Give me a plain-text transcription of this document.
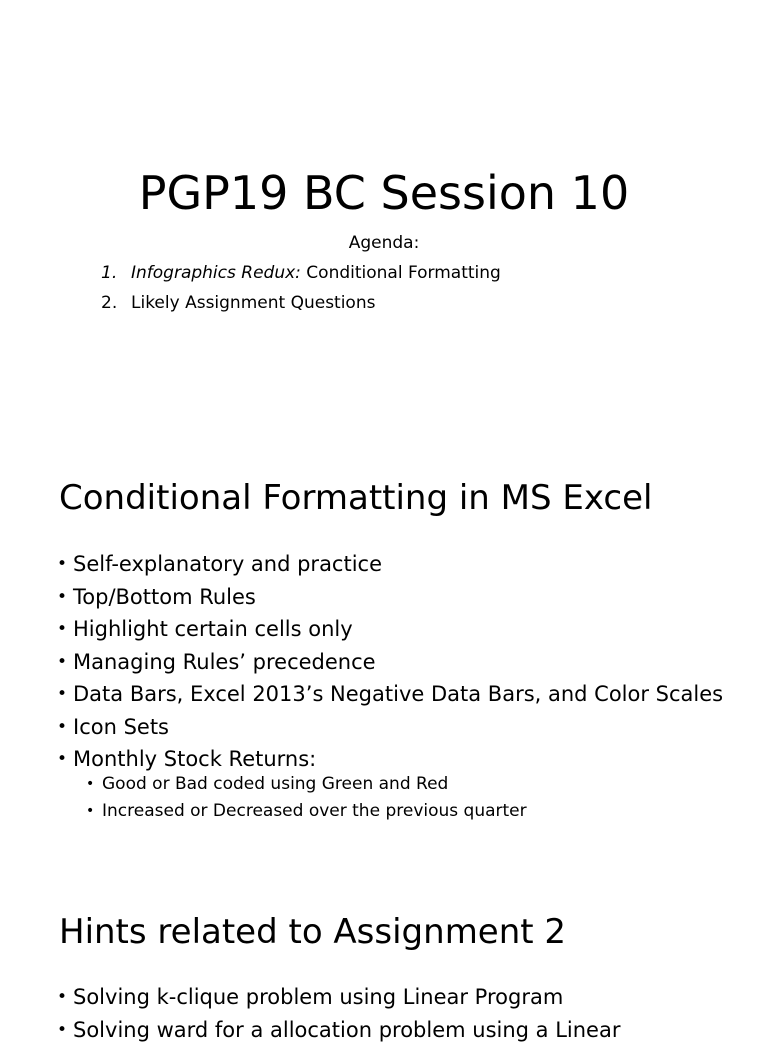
PGP19 BC Session 10
Agenda:
1. Infographics Redux: Conditional Formatting
2. Likely Assignment Questions
Conditional Formatting in MS Excel
• Self-explanatory and practice
• Top/Bottom Rules
• Highlight certain cells only
• Managing Rules’ precedence
• Data Bars, Excel 2013’s Negative Data Bars, and Color Scales
• Icon Sets
• Monthly Stock Returns:
• Good or Bad coded using Green and Red
• Increased or Decreased over the previous quarter
Hints related to Assignment 2
• Solving k-clique problem using Linear Program
• Solving ward for a allocation problem using a Linear
